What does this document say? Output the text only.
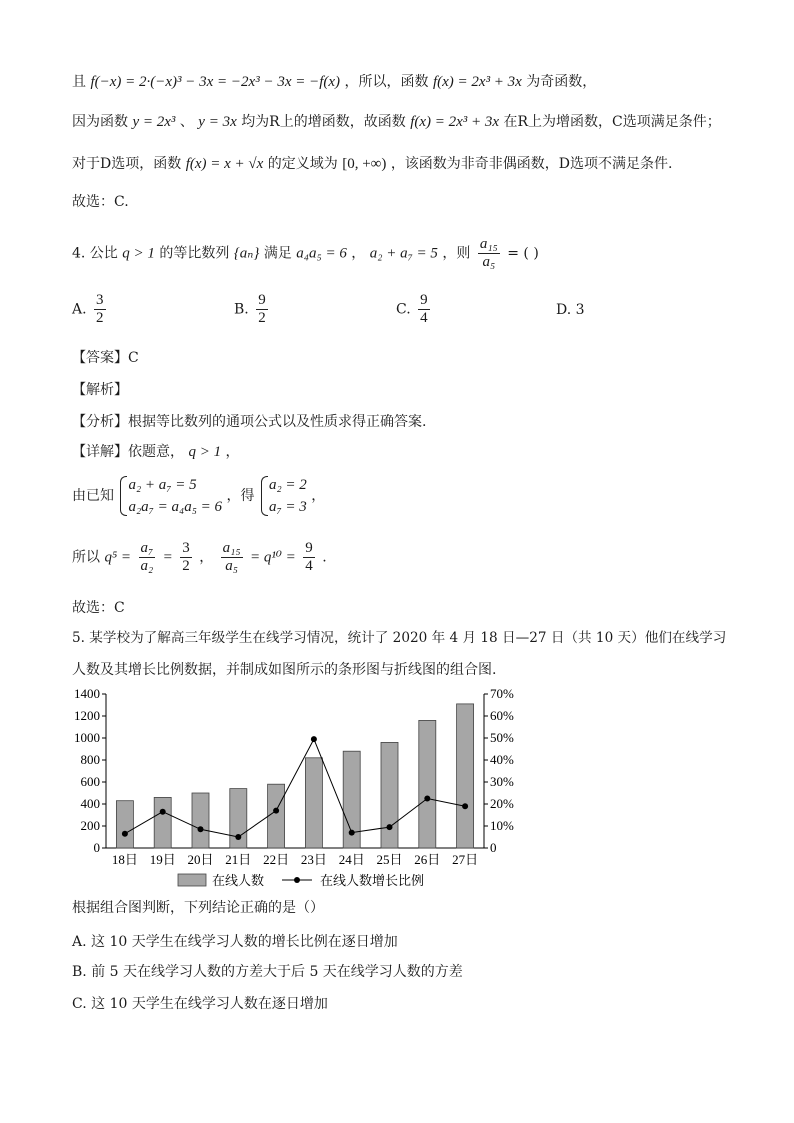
且 f(−x) = 2·(−x)³ − 3x = −2x³ − 3x = −f(x) ，所以，函数 f(x) = 2x³ + 3x 为奇函数，
因为函数 y = 2x³ 、 y = 3x 均为R上的增函数，故函数 f(x) = 2x³ + 3x 在R上为增函数，C选项满足条件；
对于D选项，函数 f(x) = x + √x 的定义域为 [0, +∞) ，该函数为非奇非偶函数，D选项不满足条件.
故选：C.
4. 公比 q > 1 的等比数列 {aₙ} 满足 a₄a₅ = 6 ， a₂ + a₇ = 5 ，则 $\frac{\text{a₁₅}}{\text{a₅}}$ = ( )
A. $\frac{3}{2}$	B. $\frac{9}{2}$	C. $\frac{9}{4}$	D. 3
【答案】C
【解析】
【分析】根据等比数列的通项公式以及性质求得正确答案.
【详解】依题意， q > 1 ，
由已知
a₂ + a₇ = 5
a₂a₇ = a₄a₅ = 6
，得
a₂ = 2
a₇ = 3
，
所以 $q^5 = \frac{\text{a₇}}{\text{a₂}} = \frac{3}{2}$ ， $\frac{\text{a₁₅}}{\text{a₅}} = q^{10} = \frac{9}{4}$ .
故选：C
5. 某学校为了解高三年级学生在线学习情况，统计了 2020 年 4 月 18 日—27 日（共 10 天）他们在线学习
人数及其增长比例数据，并制成如图所示的条形图与折线图的组合图.
0
200
400
600
800
1000
1200
1400
0
10%
20%
30%
40%
50%
60%
70%
18日 19日 20日 21日 22日 23日 24日 25日 26日 27日
在线人数	在线人数增长比例
根据组合图判断，下列结论正确的是（）
A. 这 10 天学生在线学习人数的增长比例在逐日增加
B. 前 5 天在线学习人数的方差大于后 5 天在线学习人数的方差
C. 这 10 天学生在线学习人数在逐日增加
